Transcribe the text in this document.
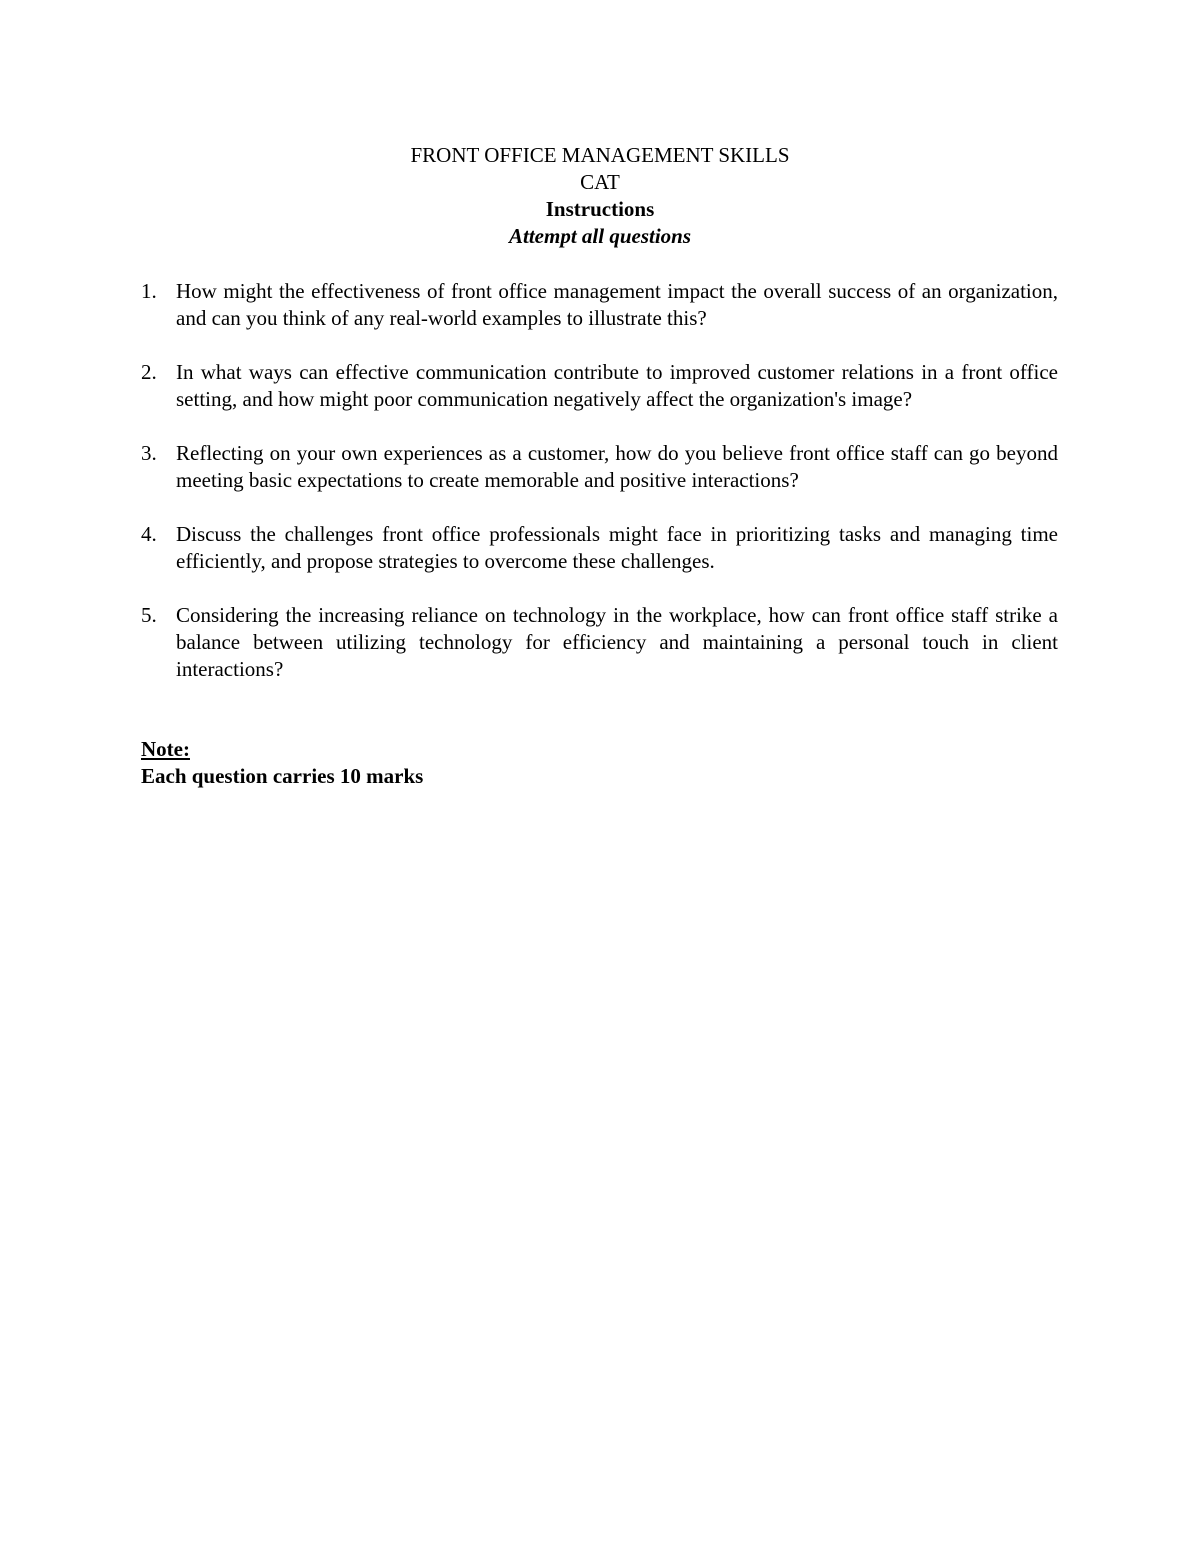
FRONT OFFICE MANAGEMENT SKILLS
CAT
Instructions
Attempt all questions
1. How might the effectiveness of front office management impact the overall success of an organization, and can you think of any real-world examples to illustrate this?
2. In what ways can effective communication contribute to improved customer relations in a front office setting, and how might poor communication negatively affect the organization's image?
3. Reflecting on your own experiences as a customer, how do you believe front office staff can go beyond meeting basic expectations to create memorable and positive interactions?
4. Discuss the challenges front office professionals might face in prioritizing tasks and managing time efficiently, and propose strategies to overcome these challenges.
5. Considering the increasing reliance on technology in the workplace, how can front office staff strike a balance between utilizing technology for efficiency and maintaining a personal touch in client interactions?
Note:
Each question carries 10 marks
